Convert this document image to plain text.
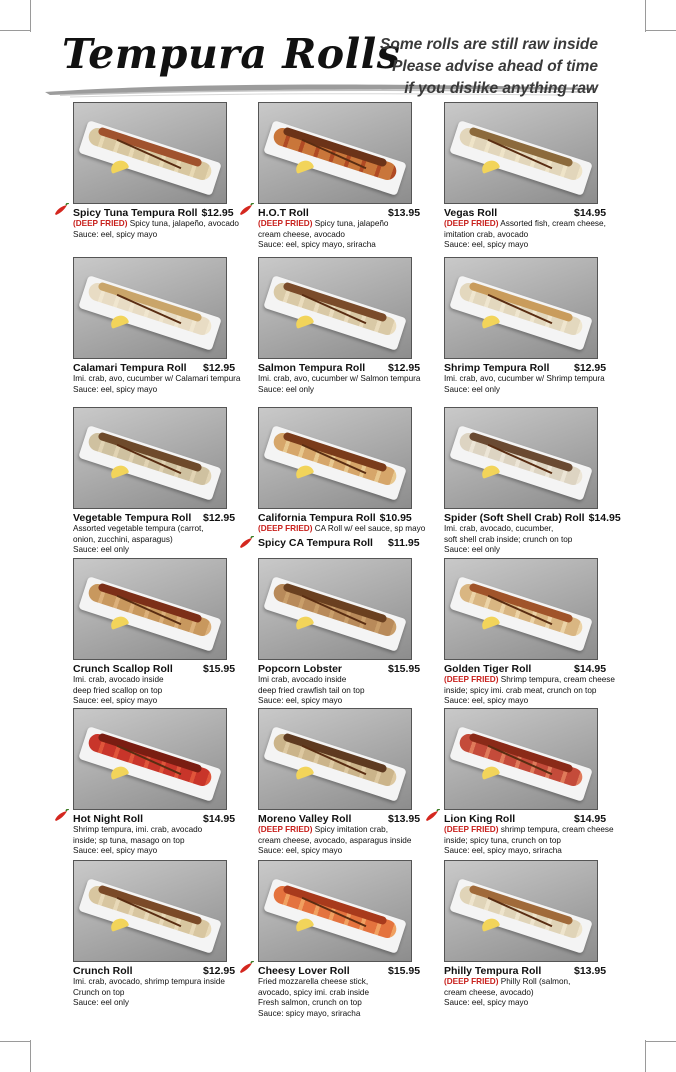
Tempura Rolls
Some rolls are still raw inside
Please advise ahead of time
if you dislike anything raw
Spicy Tuna Tempura Roll $12.95
(DEEP FRIED) Spicy tuna, jalapeño, avocado
Sauce: eel, spicy mayo
H.O.T Roll	$13.95
(DEEP FRIED) Spicy tuna, jalapeño
cream cheese, avocado
Sauce: eel, spicy mayo, sriracha
Vegas Roll	$14.95
(DEEP FRIED) Assorted fish, cream cheese,
imitation crab, avocado
Sauce: eel, spicy mayo
Calamari Tempura Roll $12.95
Imi. crab, avo, cucumber w/ Calamari tempura
Sauce: eel, spicy mayo
Salmon Tempura Roll $12.95
Imi. crab, avo, cucumber w/ Salmon tempura
Sauce: eel only
Shrimp Tempura Roll $12.95
Imi. crab, avo, cucumber w/ Shrimp tempura
Sauce: eel only
Vegetable Tempura Roll $12.95
Assorted vegetable tempura (carrot,
onion, zucchini, asparagus)
Sauce: eel only
California Tempura Roll $10.95
(DEEP FRIED) CA Roll w/ eel sauce, sp mayo
Spicy CA Tempura Roll $11.95
Spider (Soft Shell Crab) Roll $14.95
Imi. crab, avocado, cucumber,
soft shell crab inside; crunch on top
Sauce: eel only
Crunch Scallop Roll	$15.95
Imi. crab, avocado inside
deep fried scallop on top
Sauce: eel, spicy mayo
Popcorn Lobster	$15.95
Imi crab, avocado inside
deep fried crawfish tail on top
Sauce: eel, spicy mayo
Golden Tiger Roll	$14.95
(DEEP FRIED) Shrimp tempura, cream cheese
inside; spicy imi. crab meat, crunch on top
Sauce: eel, spicy mayo
Hot Night Roll	$14.95
Shrimp tempura, imi. crab, avocado
inside; sp tuna, masago on top
Sauce: eel, spicy mayo
Moreno Valley Roll	$13.95
(DEEP FRIED) Spicy imitation crab,
cream cheese, avocado, asparagus inside
Sauce: eel, spicy mayo
Lion King Roll	$14.95
(DEEP FRIED) shrimp tempura, cream cheese
inside; spicy tuna, crunch on top
Sauce: eel, spicy mayo, sriracha
Crunch Roll	$12.95
Imi. crab, avocado, shrimp tempura inside
Crunch on top
Sauce: eel only
Cheesy Lover Roll	$15.95
Fried mozzarella cheese stick,
avocado, spicy imi. crab inside
Fresh salmon, crunch on top
Sauce: spicy mayo, sriracha
Philly Tempura Roll	$13.95
(DEEP FRIED) Philly Roll (salmon,
cream cheese, avocado)
Sauce: eel, spicy mayo
